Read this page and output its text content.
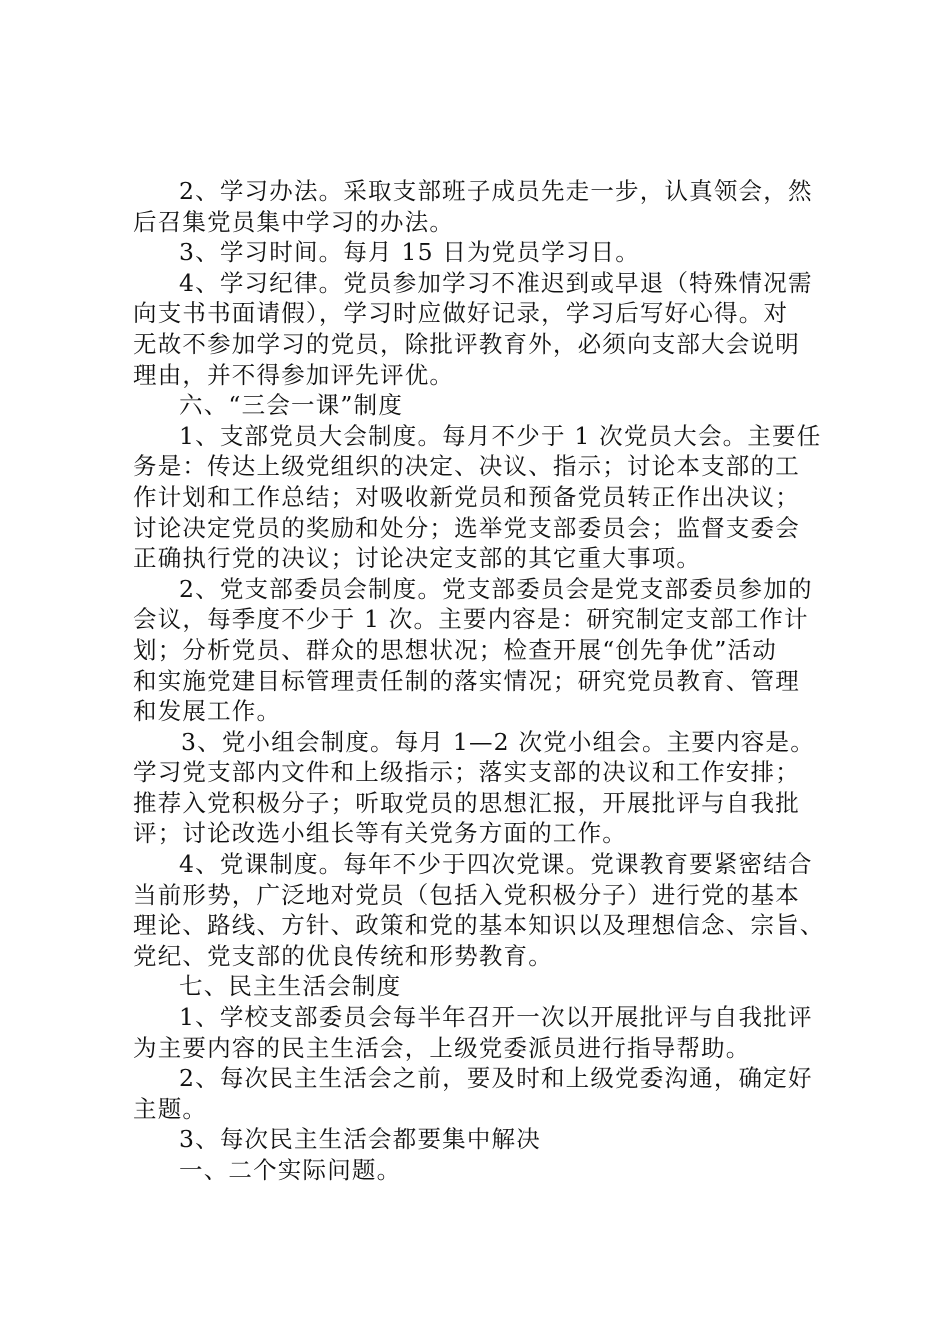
2、学习办法。采取支部班子成员先走一步，认真领会，然
后召集党员集中学习的办法。
3、学习时间。每月 15 日为党员学习日。
4、学习纪律。党员参加学习不准迟到或早退（特殊情况需
向支书书面请假），学习时应做好记录，学习后写好心得。对
无故不参加学习的党员，除批评教育外，必须向支部大会说明
理由，并不得参加评先评优。
六、“三会一课”制度
1、支部党员大会制度。每月不少于 1 次党员大会。主要任
务是：传达上级党组织的决定、决议、指示；讨论本支部的工
作计划和工作总结；对吸收新党员和预备党员转正作出决议；
讨论决定党员的奖励和处分；选举党支部委员会；监督支委会
正确执行党的决议；讨论决定支部的其它重大事项。
2、党支部委员会制度。党支部委员会是党支部委员参加的
会议，每季度不少于 1 次。主要内容是：研究制定支部工作计
划；分析党员、群众的思想状况；检查开展“创先争优”活动
和实施党建目标管理责任制的落实情况；研究党员教育、管理
和发展工作。
3、党小组会制度。每月 1—2 次党小组会。主要内容是。
学习党支部内文件和上级指示；落实支部的决议和工作安排；
推荐入党积极分子；听取党员的思想汇报，开展批评与自我批
评；讨论改选小组长等有关党务方面的工作。
4、党课制度。每年不少于四次党课。党课教育要紧密结合
当前形势，广泛地对党员（包括入党积极分子）进行党的基本
理论、路线、方针、政策和党的基本知识以及理想信念、宗旨、
党纪、党支部的优良传统和形势教育。
七、民主生活会制度
1、学校支部委员会每半年召开一次以开展批评与自我批评
为主要内容的民主生活会，上级党委派员进行指导帮助。
2、每次民主生活会之前，要及时和上级党委沟通，确定好
主题。
3、每次民主生活会都要集中解决
一、二个实际问题。
